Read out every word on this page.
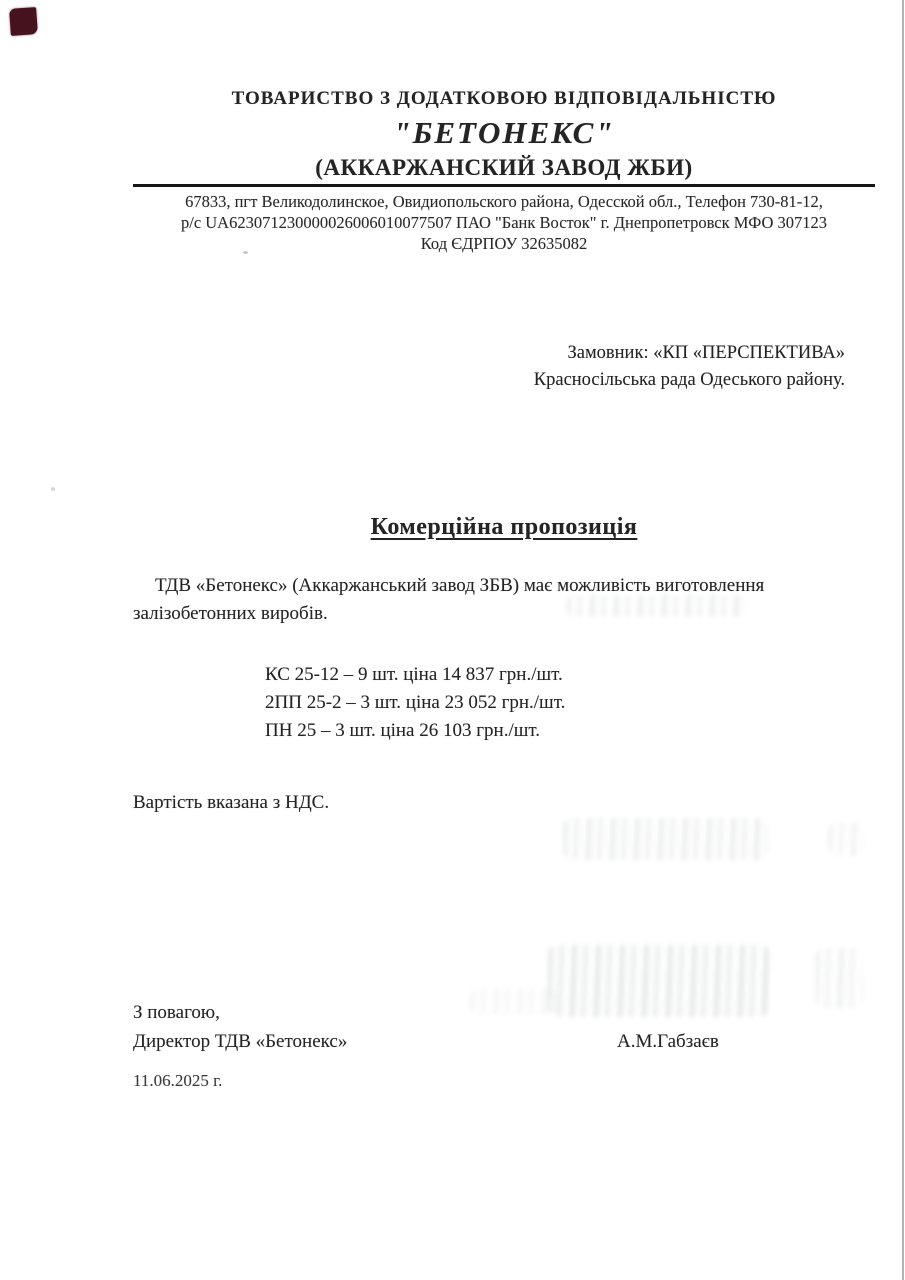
ТОВАРИСТВО З ДОДАТКОВОЮ ВІДПОВІДАЛЬНІСТЮ
"БЕТОНЕКС"
(АККАРЖАНСКИЙ ЗАВОД ЖБИ)
67833, пгт Великодолинское, Овидиопольского района, Одесской обл., Телефон 730-81-12,
р/с UA623071230000026006010077507 ПАО "Банк Восток" г. Днепропетровск МФО 307123
Код ЄДРПОУ 32635082
Замовник: «КП «ПЕРСПЕКТИВА»
Красносільська рада Одеського району.
Комерційна пропозиція

ТДВ «Бетонекс» (Аккаржанський завод ЗБВ) має можливість виготовлення залізобетонних виробів.

КС 25-12 – 9 шт. ціна 14 837 грн./шт.
2ПП 25-2 – 3 шт. ціна 23 052 грн./шт.
ПН 25 – 3 шт. ціна 26 103 грн./шт.
Вартість вказана з НДС.
З повагою,
Директор ТДВ «Бетонекс»	А.М.Габзаєв
11.06.2025 г.
